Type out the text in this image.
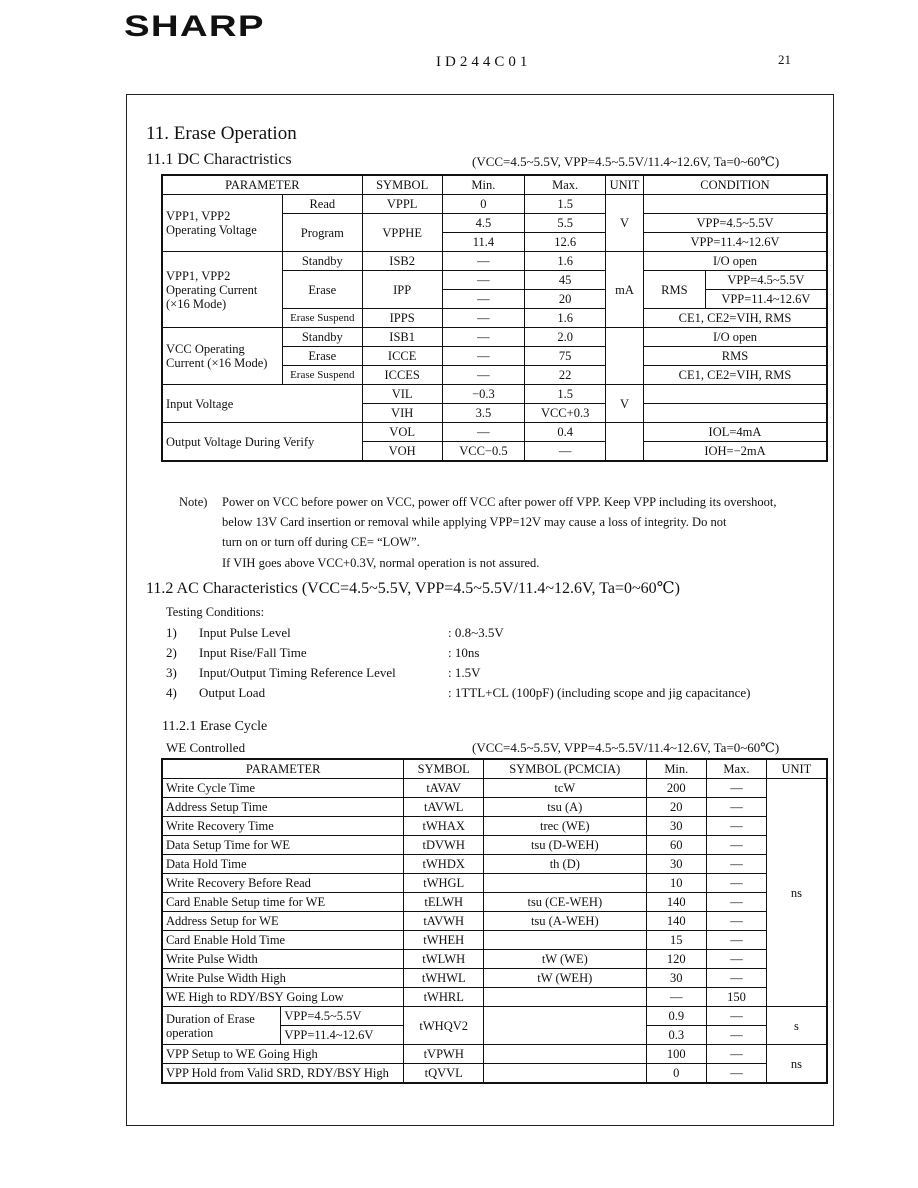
SHARP
ID244C01	21
11. Erase Operation
11.1 DC Charactristics	(VCC=4.5~5.5V, VPP=4.5~5.5V/11.4~12.6V, Ta=0~60℃)
PARAMETER		SYMBOL	Min.	Max.	UNIT	CONDITION	
VPP1, VPP2 Operating Voltage	Read	VPPL	0	1.5	V		
	Program	VPPHE	4.5	5.5		VPP=4.5~5.5V	
			11.4	12.6		VPP=11.4~12.6V	
VPP1, VPP2 Operating Current (×16 Mode)	Standby	ISB2	—	1.6	mA	I/O open	
	Erase	IPP	—	45		RMS	VPP=4.5~5.5V
			—	20			VPP=11.4~12.6V
	Erase Suspend	IPPS	—	1.6		CE1, CE2=VIH, RMS	
VCC Operating Current (×16 Mode)	Standby	ISB1	—	2.0		I/O open	
	Erase	ICCE	—	75		RMS	
	Erase Suspend	ICCES	—	22		CE1, CE2=VIH, RMS	
Input Voltage		VIL	−0.3	1.5	V		
		VIH	3.5	VCC+0.3			
Output Voltage During Verify		VOL	—	0.4		IOL=4mA	
		VOH	VCC−0.5	—		IOH=−2mA	
Note) Power on VCC before power on VCC, power off VCC after power off VPP. Keep VPP including its overshoot,
below 13V Card insertion or removal while applying VPP=12V may cause a loss of integrity. Do not
turn on or turn off during CE= “LOW”.
If VIH goes above VCC+0.3V, normal operation is not assured.
11.2 AC Characteristics (VCC=4.5~5.5V, VPP=4.5~5.5V/11.4~12.6V, Ta=0~60℃)
Testing Conditions:
1) Input Pulse Level	: 0.8~3.5V
2) Input Rise/Fall Time	: 10ns
3) Input/Output Timing Reference Level	: 1.5V
4) Output Load	: 1TTL+CL (100pF) (including scope and jig capacitance)
11.2.1 Erase Cycle
WE Controlled	(VCC=4.5~5.5V, VPP=4.5~5.5V/11.4~12.6V, Ta=0~60℃)
PARAMETER		SYMBOL	SYMBOL (PCMCIA)	Min.	Max.	UNIT
Write Cycle Time		tAVAV	tcW	200	—	ns
Address Setup Time		tAVWL	tsu (A)	20	—	
Write Recovery Time		tWHAX	trec (WE)	30	—	
Data Setup Time for WE		tDVWH	tsu (D-WEH)	60	—	
Data Hold Time		tWHDX	th (D)	30	—	
Write Recovery Before Read		tWHGL		10	—	
Card Enable Setup time for WE		tELWH	tsu (CE-WEH)	140	—	
Address Setup for WE		tAVWH	tsu (A-WEH)	140	—	
Card Enable Hold Time		tWHEH		15	—	
Write Pulse Width		tWLWH	tW (WE)	120	—	
Write Pulse Width High		tWHWL	tW (WEH)	30	—	
WE High to RDY/BSY Going Low		tWHRL		—	150	
Duration of Erase operation	VPP=4.5~5.5V	tWHQV2		0.9	—	s
	VPP=11.4~12.6V			0.3	—	
VPP Setup to WE Going High		tVPWH		100	—	ns
VPP Hold from Valid SRD, RDY/BSY High		tQVVL		0	—	
